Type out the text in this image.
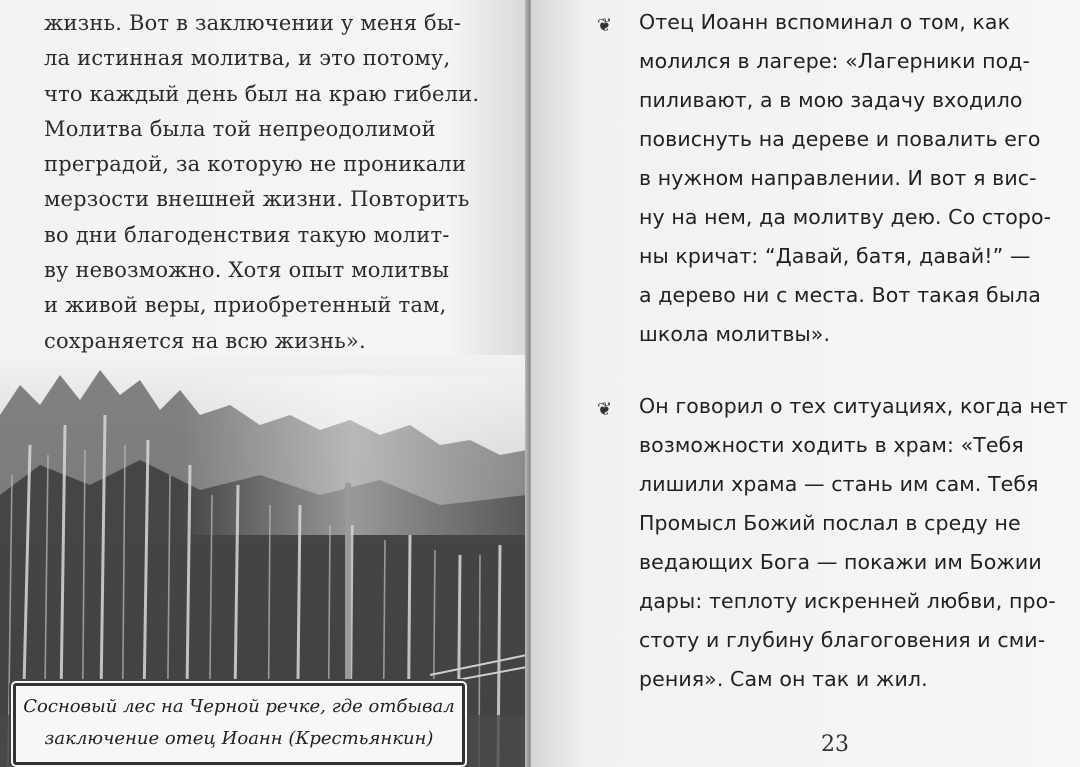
жизнь. Вот в заключении у меня бы-
ла истинная молитва, и это потому,
что каждый день был на краю гибели.
Молитва была той непреодолимой
преградой, за которую не проникали
мерзости внешней жизни. Повторить
во дни благоденствия такую молит-
ву невозможно. Хотя опыт молитвы
и живой веры, приобретенный там,
сохраняется на всю жизнь».
Сосновый лес на Черной речке, где отбывал
заключение отец Иоанн (Крестьянкин)
❦ Отец Иоанн вспоминал о том, как
молился в лагере: «Лагерники под-
пиливают, а в мою задачу входило
повиснуть на дереве и повалить его
в нужном направлении. И вот я вис-
ну на нем, да молитву дею. Со сторо-
ны кричат: “Давай, батя, давай!” —
а дерево ни с места. Вот такая была
школа молитвы».
❦ Он говорил о тех ситуациях, когда нет
возможности ходить в храм: «Тебя
лишили храма — стань им сам. Тебя
Промысл Божий послал в среду не
ведающих Бога — покажи им Божии
дары: теплоту искренней любви, про-
стоту и глубину благоговения и сми-
рения». Сам он так и жил.
23
